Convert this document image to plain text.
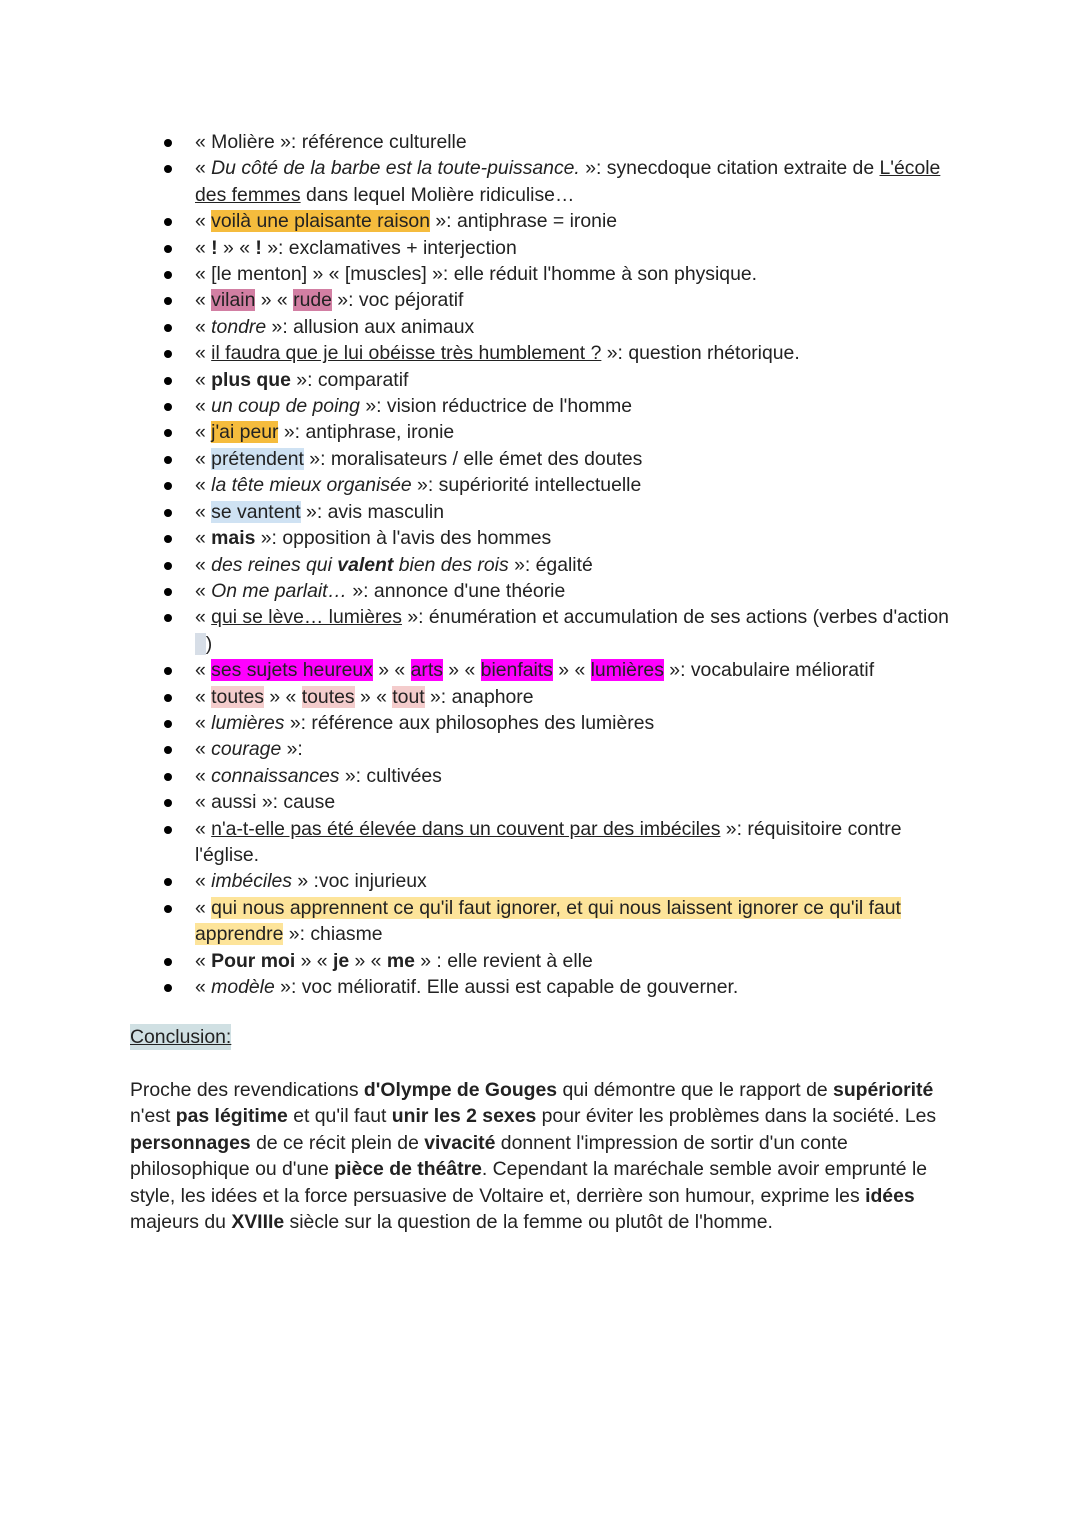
« Molière »: référence culturelle
« Du côté de la barbe est la toute-puissance. »: synecdoque citation extraite de L'école des femmes dans lequel Molière ridiculise…
« voilà une plaisante raison »: antiphrase = ironie
« ! » « ! »: exclamatives + interjection
« [le menton] » « [muscles] »: elle réduit l'homme à son physique.
« vilain » « rude »: voc péjoratif
« tondre »: allusion aux animaux
« il faudra que je lui obéisse très humblement ? »: question rhétorique.
« plus que »: comparatif
« un coup de poing »: vision réductrice de l'homme
« j'ai peur »: antiphrase, ironie
« prétendent »: moralisateurs / elle émet des doutes
« la tête mieux organisée »: supériorité intellectuelle
« se vantent »: avis masculin
« mais »: opposition à l'avis des hommes
« des reines qui valent bien des rois »: égalité
« On me parlait… »: annonce d'une théorie
« qui se lève… lumières »: énumération et accumulation de ses actions (verbes d'action   )
« ses sujets heureux » « arts » « bienfaits » « lumières »: vocabulaire mélioratif
« toutes » « toutes » « tout »: anaphore
« lumières »: référence aux philosophes des lumières
« courage »:
« connaissances »: cultivées
« aussi »: cause
« n'a-t-elle pas été élevée dans un couvent par des imbéciles »: réquisitoire contre l'église.
« imbéciles » :voc injurieux
« qui nous apprennent ce qu'il faut ignorer, et qui nous laissent ignorer ce qu'il faut apprendre »: chiasme
« Pour moi » « je » « me » : elle revient à elle
« modèle »: voc mélioratif. Elle aussi est capable de gouverner.
Conclusion:

Proche des revendications d'Olympe de Gouges qui démontre que le rapport de supériorité n'est pas légitime et qu'il faut unir les 2 sexes pour éviter les problèmes dans la société. Les personnages de ce récit plein de vivacité donnent l'impression de sortir d'un conte philosophique ou d'une pièce de théâtre. Cependant la maréchale semble avoir emprunté le style, les idées et la force persuasive de Voltaire et, derrière son humour, exprime les idées majeurs du XVIIIe siècle sur la question de la femme ou plutôt de l'homme.
